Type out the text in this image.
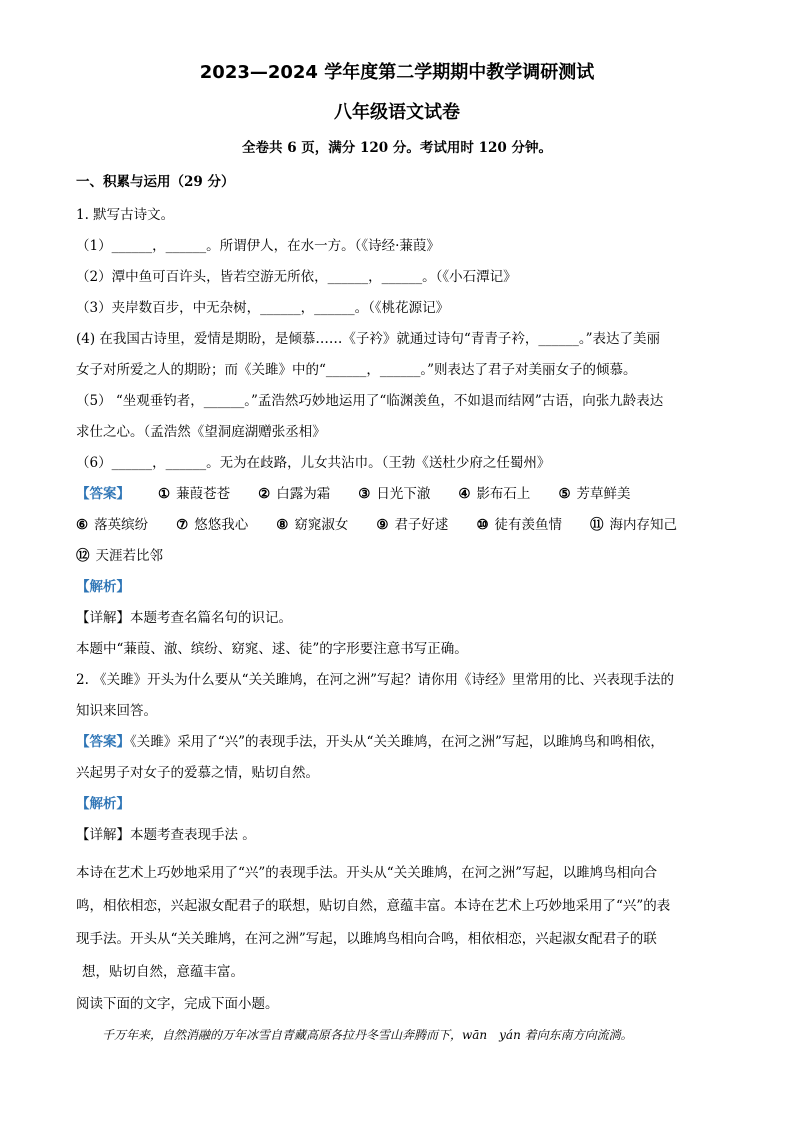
2023—2024 学年度第二学期期中教学调研测试
八年级语文试卷
全卷共 6 页，满分 120 分。考试用时 120 分钟。
一、积累与运用（29 分）

1. 默写古诗文。

（1）______，______。所谓伊人，在水一方。（《诗经·蒹葭》

（2）潭中鱼可百许头，皆若空游无所依，______，______。（《小石潭记》

（3）夹岸数百步，中无杂树，______，______。（《桃花源记》

(4) 在我国古诗里，爱情是期盼，是倾慕……《子衿》就通过诗句“青青子衿，______。”表达了美丽

女子对所爱之人的期盼；而《关雎》中的“______，______。”则表达了君子对美丽女子的倾慕。

（5） “坐观垂钓者，______。”孟浩然巧妙地运用了“临渊羡鱼，不如退而结网”古语，向张九龄表达

求仕之心。（孟浩然《望洞庭湖赠张丞相》

（6）______，______。无为在歧路，儿女共沾巾。（王勃《送杜少府之任蜀州》

【答案】 ① 蒹葭苍苍 ② 白露为霜 ③ 日光下澈 ④ 影布石上 ⑤ 芳草鲜美
⑥ 落英缤纷 ⑦ 悠悠我心 ⑧ 窈窕淑女 ⑨ 君子好逑 ⑩ 徒有羡鱼情 ⑪ 海内存知己
⑫ 天涯若比邻

【解析】

【详解】本题考查名篇名句的识记。

本题中“蒹葭、澈、缤纷、窈窕、逑、徒”的字形要注意书写正确。

2. 《关雎》开头为什么要从“关关雎鸠，在河之洲”写起？请你用《诗经》里常用的比、兴表现手法的

知识来回答。

【答案】《关雎》采用了“兴”的表现手法，开头从“关关雎鸠，在河之洲”写起，以雎鸠鸟和鸣相依，

兴起男子对女子的爱慕之情，贴切自然。

【解析】

【详解】本题考查表现手法 。

本诗在艺术上巧妙地采用了“兴”的表现手法。开头从“关关雎鸠，在河之洲”写起，以雎鸠鸟相向合

鸣，相依相恋，兴起淑女配君子的联想，贴切自然，意蕴丰富。本诗在艺术上巧妙地采用了“兴”的表

现手法。开头从“关关雎鸠，在河之洲”写起，以雎鸠鸟相向合鸣，相依相恋，兴起淑女配君子的联

想，贴切自然，意蕴丰富。

阅读下面的文字，完成下面小题。

千万年来，自然消融的万年冰雪自青藏高原各拉丹冬雪山奔腾而下，wān　yán 着向东南方向流淌。
